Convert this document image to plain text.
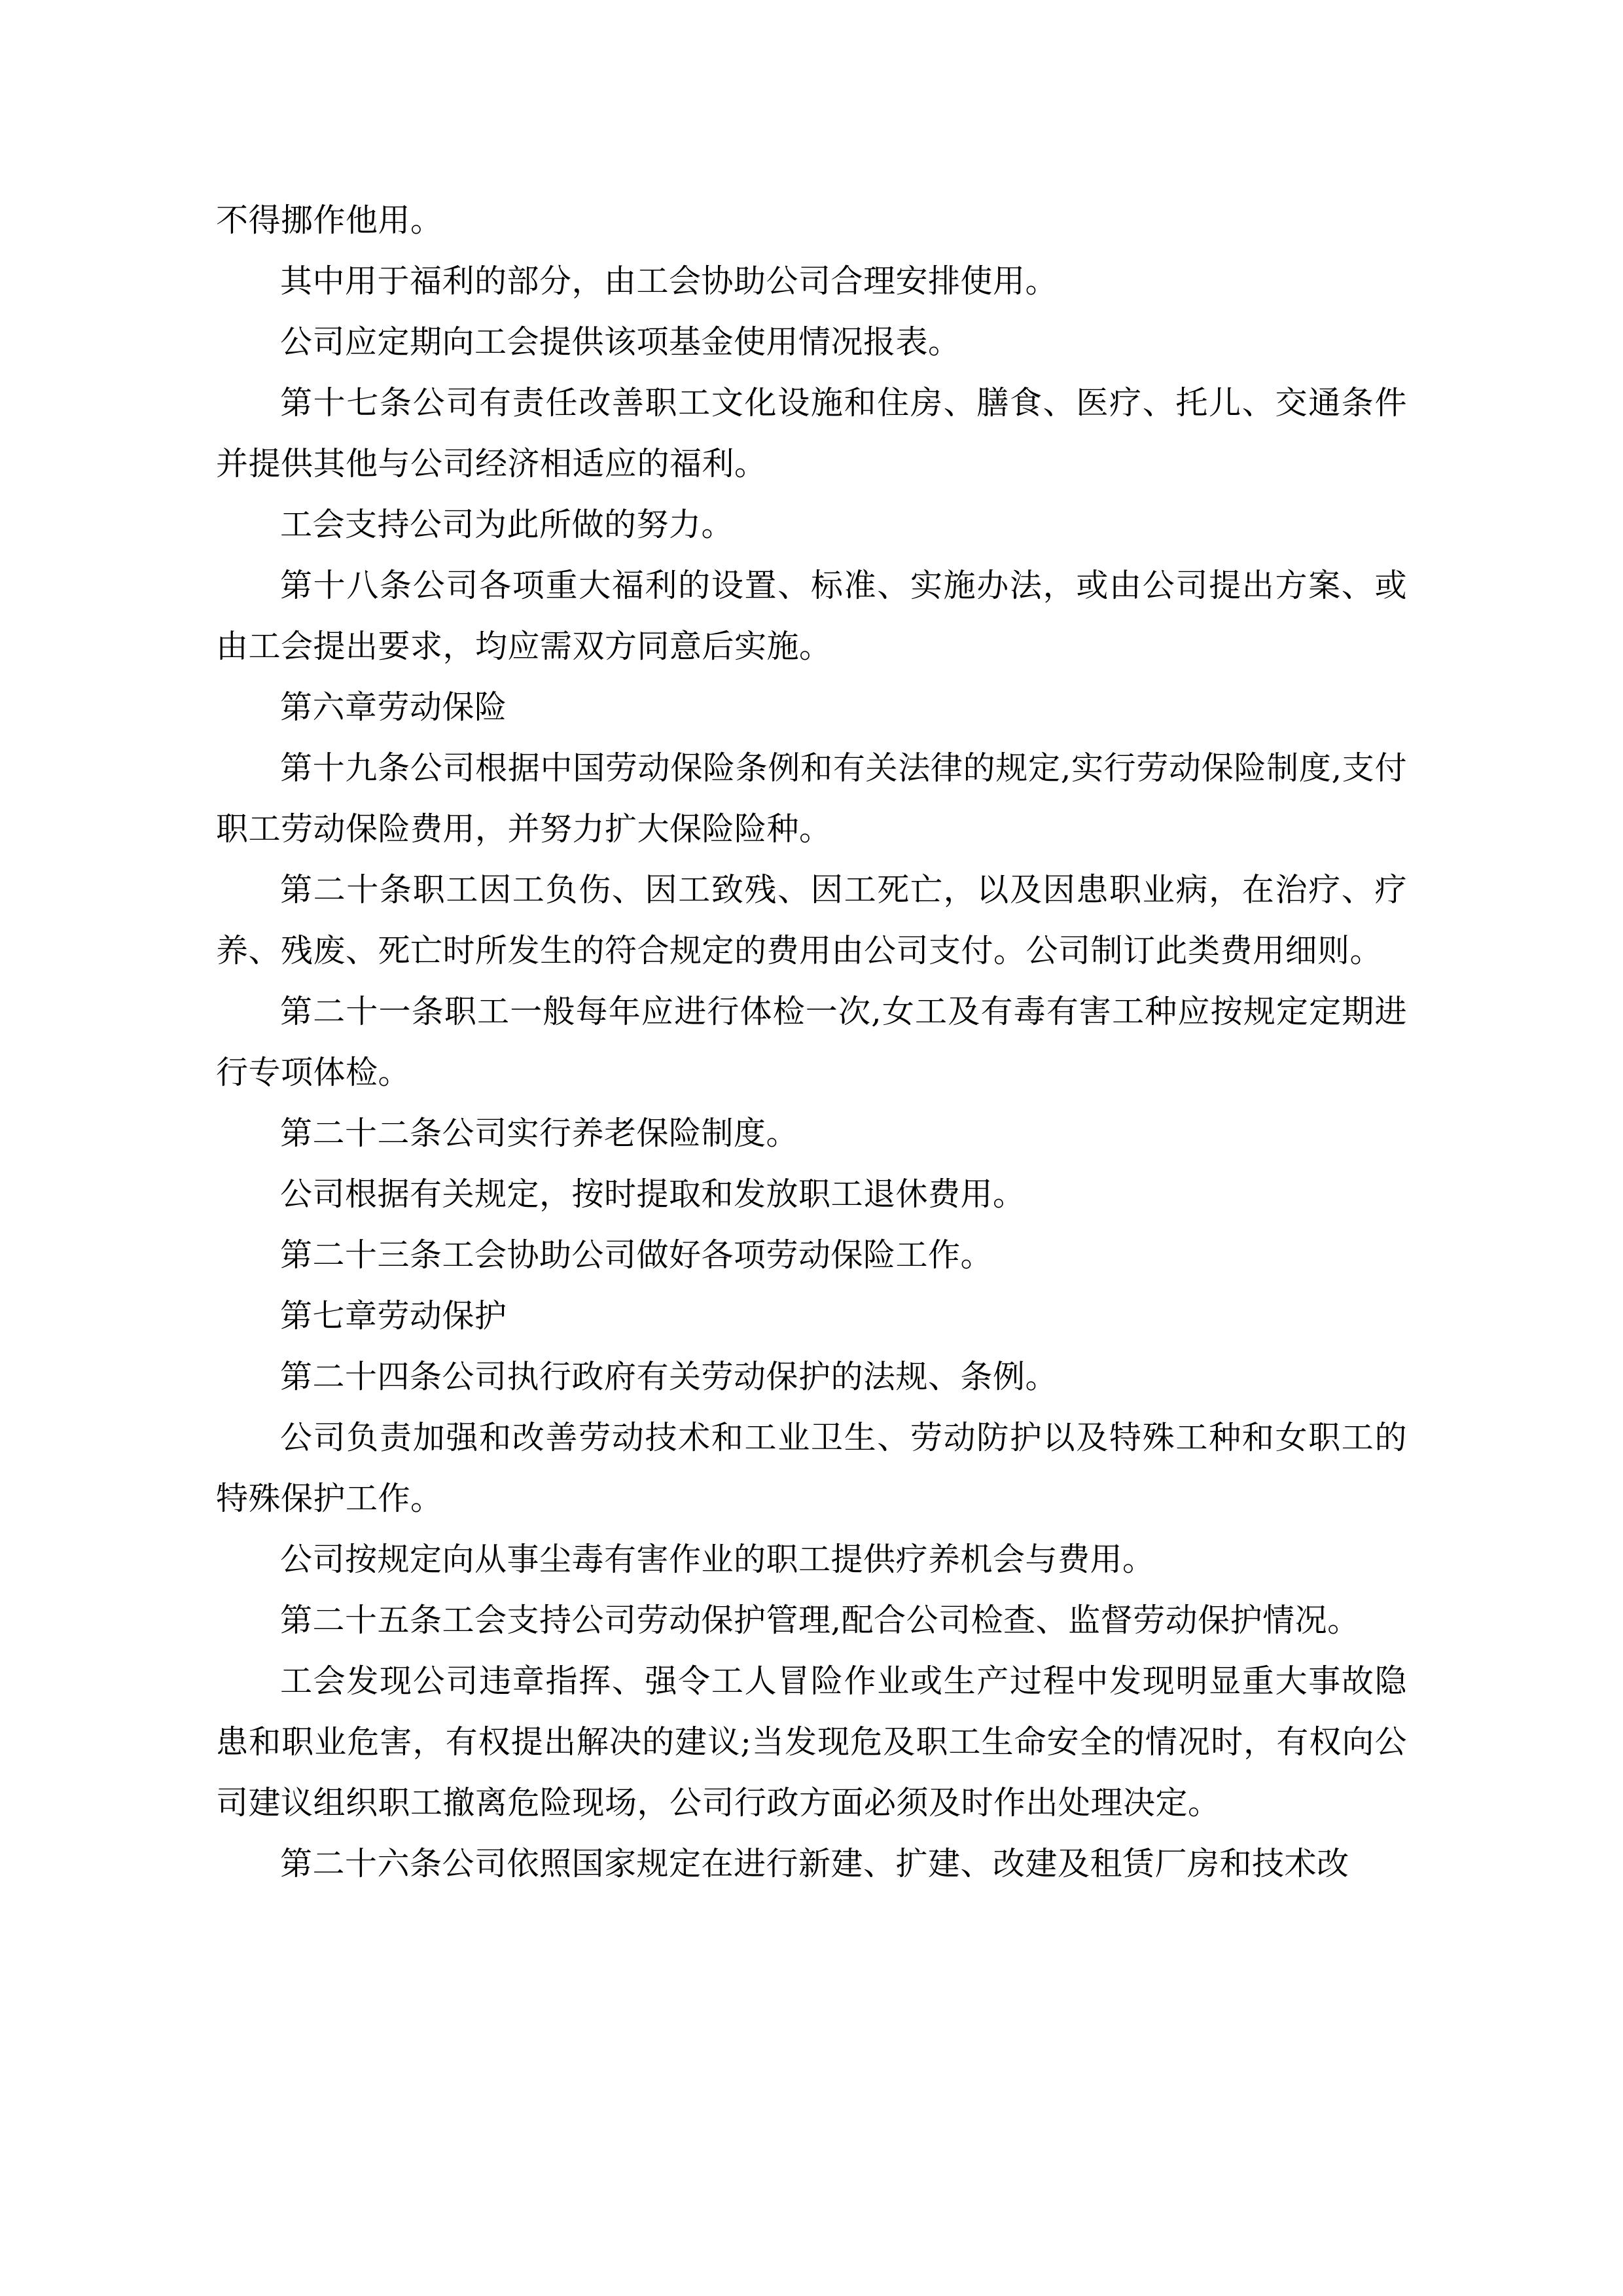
不得挪作他用。

其中用于福利的部分，由工会协助公司合理安排使用。

公司应定期向工会提供该项基金使用情况报表。

第十七条公司有责任改善职工文化设施和住房、膳食、医疗、托儿、交通条件并提供其他与公司经济相适应的福利。

工会支持公司为此所做的努力。

第十八条公司各项重大福利的设置、标准、实施办法，或由公司提出方案、或由工会提出要求，均应需双方同意后实施。

第六章劳动保险

第十九条公司根据中国劳动保险条例和有关法律的规定,实行劳动保险制度,支付职工劳动保险费用，并努力扩大保险险种。

第二十条职工因工负伤、因工致残、因工死亡，以及因患职业病，在治疗、疗养、残废、死亡时所发生的符合规定的费用由公司支付。公司制订此类费用细则。

第二十一条职工一般每年应进行体检一次,女工及有毒有害工种应按规定定期进行专项体检。

第二十二条公司实行养老保险制度。

公司根据有关规定，按时提取和发放职工退休费用。

第二十三条工会协助公司做好各项劳动保险工作。

第七章劳动保护

第二十四条公司执行政府有关劳动保护的法规、条例。

公司负责加强和改善劳动技术和工业卫生、劳动防护以及特殊工种和女职工的特殊保护工作。

公司按规定向从事尘毒有害作业的职工提供疗养机会与费用。

第二十五条工会支持公司劳动保护管理,配合公司检查、监督劳动保护情况。

工会发现公司违章指挥、强令工人冒险作业或生产过程中发现明显重大事故隐患和职业危害，有权提出解决的建议;当发现危及职工生命安全的情况时，有权向公司建议组织职工撤离危险现场，公司行政方面必须及时作出处理决定。

第二十六条公司依照国家规定在进行新建、扩建、改建及租赁厂房和技术改
